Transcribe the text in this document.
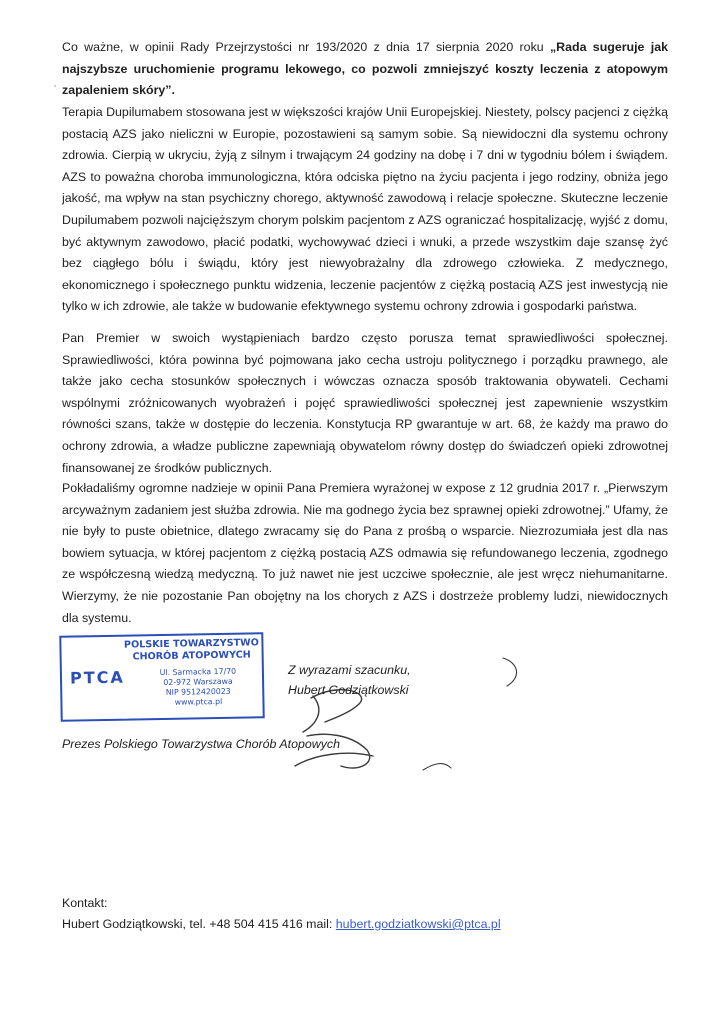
Co ważne, w opinii Rady Przejrzystości nr 193/2020 z dnia 17 sierpnia 2020 roku „Rada sugeruje jak najszybsze uruchomienie programu lekowego, co pozwoli zmniejszyć koszty leczenia z atopowym zapaleniem skóry”.

ʼ

Terapia Dupilumabem stosowana jest w większości krajów Unii Europejskiej. Niestety, polscy pacjenci z ciężką postacią AZS jako nieliczni w Europie, pozostawieni są samym sobie. Są niewidoczni dla systemu ochrony zdrowia. Cierpią w ukryciu, żyją z silnym i trwającym 24 godziny na dobę i 7 dni w tygodniu bólem i świądem. AZS to poważna choroba immunologiczna, która odciska piętno na życiu pacjenta i jego rodziny, obniża jego jakość, ma wpływ na stan psychiczny chorego, aktywność zawodową i relacje społeczne. Skuteczne leczenie Dupilumabem pozwoli najcięższym chorym polskim pacjentom z AZS ograniczać hospitalizację, wyjść z domu, być aktywnym zawodowo, płacić podatki, wychowywać dzieci i wnuki, a przede wszystkim daje szansę żyć bez ciągłego bólu i świądu, który jest niewyobrażalny dla zdrowego człowieka. Z medycznego, ekonomicznego i społecznego punktu widzenia, leczenie pacjentów z ciężką postacią AZS jest inwestycją nie tylko w ich zdrowie, ale także w budowanie efektywnego systemu ochrony zdrowia i gospodarki państwa.

Pan Premier w swoich wystąpieniach bardzo często porusza temat sprawiedliwości społecznej. Sprawiedliwości, która powinna być pojmowana jako cecha ustroju politycznego i porządku prawnego, ale także jako cecha stosunków społecznych i wówczas oznacza sposób traktowania obywateli. Cechami wspólnymi zróżnicowanych wyobrażeń i pojęć sprawiedliwości społecznej jest zapewnienie wszystkim równości szans, także w dostępie do leczenia. Konstytucja RP gwarantuje w art. 68, że każdy ma prawo do ochrony zdrowia, a władze publiczne zapewniają obywatelom równy dostęp do świadczeń opieki zdrowotnej finansowanej ze środków publicznych.

Pokładaliśmy ogromne nadzieje w opinii Pana Premiera wyrażonej w expose z 12 grudnia 2017 r. „Pierwszym arcyważnym zadaniem jest służba zdrowia. Nie ma godnego życia bez sprawnej opieki zdrowotnej.” Ufamy, że nie były to puste obietnice, dlatego zwracamy się do Pana z prośbą o wsparcie. Niezrozumiała jest dla nas bowiem sytuacja, w której pacjentom z ciężką postacią AZS odmawia się refundowanego leczenia, zgodnego ze współczesną wiedzą medyczną. To już nawet nie jest uczciwe społecznie, ale jest wręcz niehumanitarne. Wierzymy, że nie pozostanie Pan obojętny na los chorych z AZS i dostrzeże problemy ludzi, niewidocznych dla systemu.

POLSKIE TOWARZYSTWO
CHORÓB ATOPOWYCH
PTCA	Ul. Sarmacka 17/70
02-972 Warszawa
NIP 9512420023
www.ptca.pl
Z wyrazami szacunku,
Hubert Godziątkowski
Prezes Polskiego Towarzystwa Chorób Atopowych
Kontakt:
Hubert Godziątkowski, tel. +48 504 415 416 mail: hubert.godziatkowski@ptca.pl
